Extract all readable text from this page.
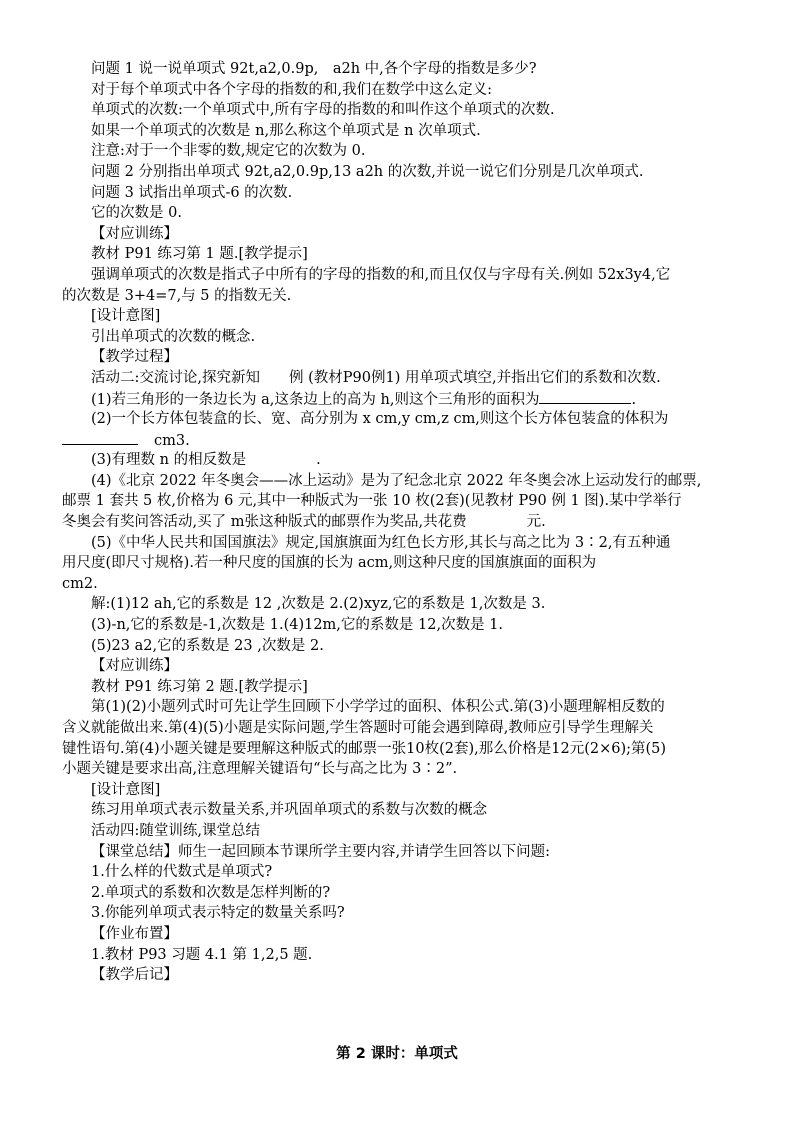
问题 1 说一说单项式 92t,a2,0.9p,　a2h 中,各个字母的指数是多少?
对于每个单项式中各个字母的指数的和,我们在数学中这么定义:
单项式的次数:一个单项式中,所有字母的指数的和叫作这个单项式的次数.
如果一个单项式的次数是 n,那么称这个单项式是 n 次单项式.
注意:对于一个非零的数,规定它的次数为 0.
问题 2 分别指出单项式 92t,a2,0.9p,13 a2h 的次数,并说一说它们分别是几次单项式.
问题 3 试指出单项式-6 的次数.
它的次数是 0.
【对应训练】
教材 P91 练习第 1 题.[教学提示]
强调单项式的次数是指式子中所有的字母的指数的和,而且仅仅与字母有关.例如 52x3y4,它
的次数是 3+4=7,与 5 的指数无关.
[设计意图]
引出单项式的次数的概念.
【教学过程】
活动二:交流讨论,探究新知　　例 (教材P90例1) 用单项式填空,并指出它们的系数和次数.
(1)若三角形的一条边长为 a,这条边上的高为 h,则这个三角形的面积为	.
(2)一个长方体包装盒的长、宽、高分别为 x cm,y cm,z cm,则这个长方体包装盒的体积为
cm3.
(3)有理数 n 的相反数是	.
(4)《北京 2022 年冬奥会——冰上运动》是为了纪念北京 2022 年冬奥会冰上运动发行的邮票,
邮票 1 套共 5 枚,价格为 6 元,其中一种版式为一张 10 枚(2套)(见教材 P90 例 1 图).某中学举行
冬奥会有奖问答活动,买了 m张这种版式的邮票作为奖品,共花费	元.
(5)《中华人民共和国国旗法》规定,国旗旗面为红色长方形,其长与高之比为 3∶2,有五种通
用尺度(即尺寸规格).若一种尺度的国旗的长为 acm,则这种尺度的国旗旗面的面积为
cm2.
解:(1)12 ah,它的系数是 12 ,次数是 2.(2)xyz,它的系数是 1,次数是 3.
(3)-n,它的系数是-1,次数是 1.(4)12m,它的系数是 12,次数是 1.
(5)23 a2,它的系数是 23 ,次数是 2.
【对应训练】
教材 P91 练习第 2 题.[教学提示]
第(1)(2)小题列式时可先让学生回顾下小学学过的面积、体积公式.第(3)小题理解相反数的
含义就能做出来.第(4)(5)小题是实际问题,学生答题时可能会遇到障碍,教师应引导学生理解关
键性语句.第(4)小题关键是要理解这种版式的邮票一张10枚(2套),那么价格是12元(2×6);第(5)
小题关键是要求出高,注意理解关键语句“长与高之比为 3∶2”.
[设计意图]
练习用单项式表示数量关系,并巩固单项式的系数与次数的概念
活动四:随堂训练,课堂总结
【课堂总结】师生一起回顾本节课所学主要内容,并请学生回答以下问题:
1.什么样的代数式是单项式?
2.单项式的系数和次数是怎样判断的?
3.你能列单项式表示特定的数量关系吗?
【作业布置】
1.教材 P93 习题 4.1 第 1,2,5 题.
【教学后记】
第 2 课时：单项式
